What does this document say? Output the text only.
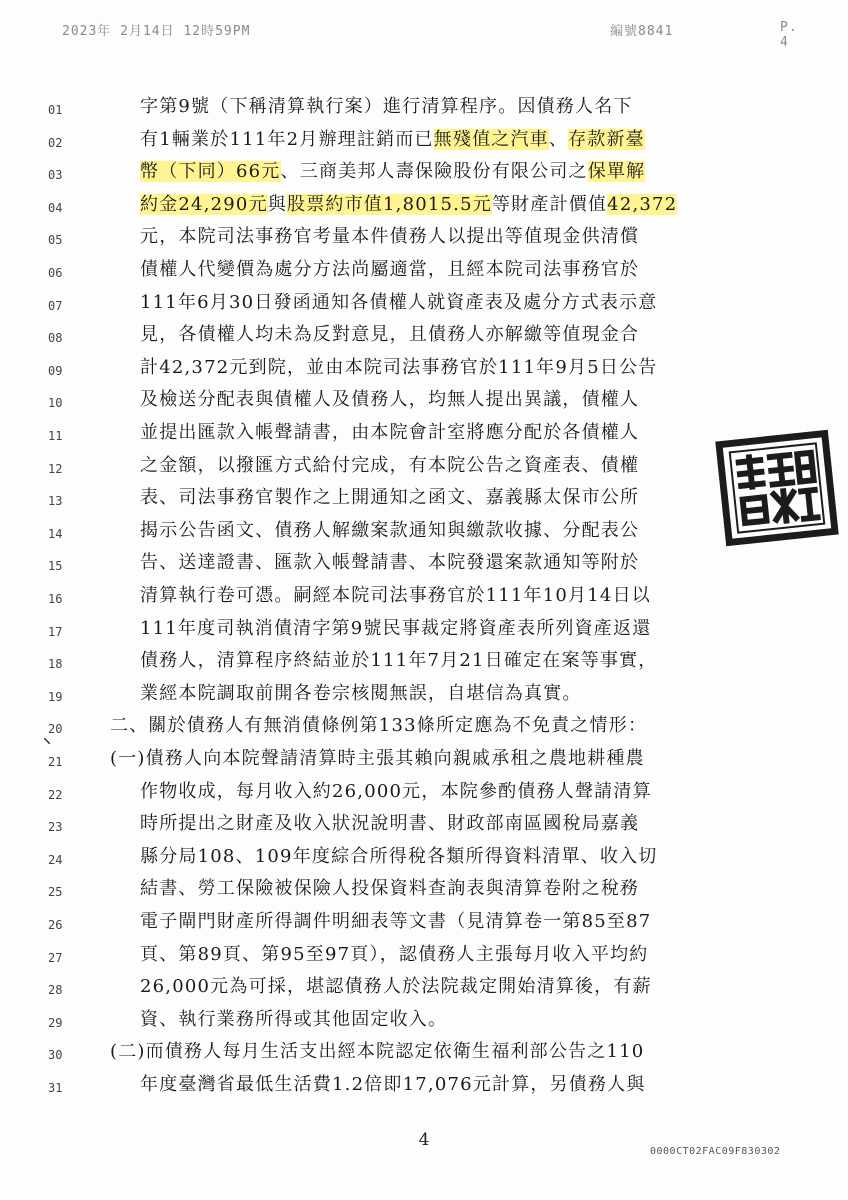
2023年 2月14日 12時59PM	編號8841	P. 4
01
02
03
04
05
06
07
08
09
10
11
12
13
14
15
16
17
18
19
20
21
22
23
24
25
26
27
28
29
30
31
字第9號（下稱清算執行案）進行清算程序。因債務人名下
有1輛業於111年2月辦理註銷而已無殘值之汽車、存款新臺
幣（下同）66元、三商美邦人壽保險股份有限公司之保單解
約金24,290元與股票約市值1,8015.5元等財產計價值42,372
元，本院司法事務官考量本件債務人以提出等值現金供清償
債權人代變價為處分方法尚屬適當，且經本院司法事務官於
111年6月30日發函通知各債權人就資產表及處分方式表示意
見，各債權人均未為反對意見，且債務人亦解繳等值現金合
計42,372元到院，並由本院司法事務官於111年9月5日公告
及檢送分配表與債權人及債務人，均無人提出異議，債權人
並提出匯款入帳聲請書，由本院會計室將應分配於各債權人
之金額，以撥匯方式給付完成，有本院公告之資產表、債權
表、司法事務官製作之上開通知之函文、嘉義縣太保市公所
揭示公告函文、債務人解繳案款通知與繳款收據、分配表公
告、送達證書、匯款入帳聲請書、本院發還案款通知等附於
清算執行卷可憑。嗣經本院司法事務官於111年10月14日以
111年度司執消債清字第9號民事裁定將資產表所列資產返還
債務人，清算程序終結並於111年7月21日確定在案等事實，
業經本院調取前開各卷宗核閱無誤，自堪信為真實。
二、關於債務人有無消債條例第133條所定應為不免責之情形：
(一)債務人向本院聲請清算時主張其賴向親戚承租之農地耕種農
作物收成，每月收入約26,000元，本院參酌債務人聲請清算
時所提出之財產及收入狀況說明書、財政部南區國稅局嘉義
縣分局108、109年度綜合所得稅各類所得資料清單、收入切
結書、勞工保險被保險人投保資料查詢表與清算卷附之稅務
電子閘門財產所得調件明細表等文書（見清算卷一第85至87
頁、第89頁、第95至97頁），認債務人主張每月收入平均約
26,000元為可採，堪認債務人於法院裁定開始清算後，有薪
資、執行業務所得或其他固定收入。
(二)而債務人每月生活支出經本院認定依衛生福利部公告之110
年度臺灣省最低生活費1.2倍即17,076元計算，另債務人與
4
0000CT02FAC09F830302
